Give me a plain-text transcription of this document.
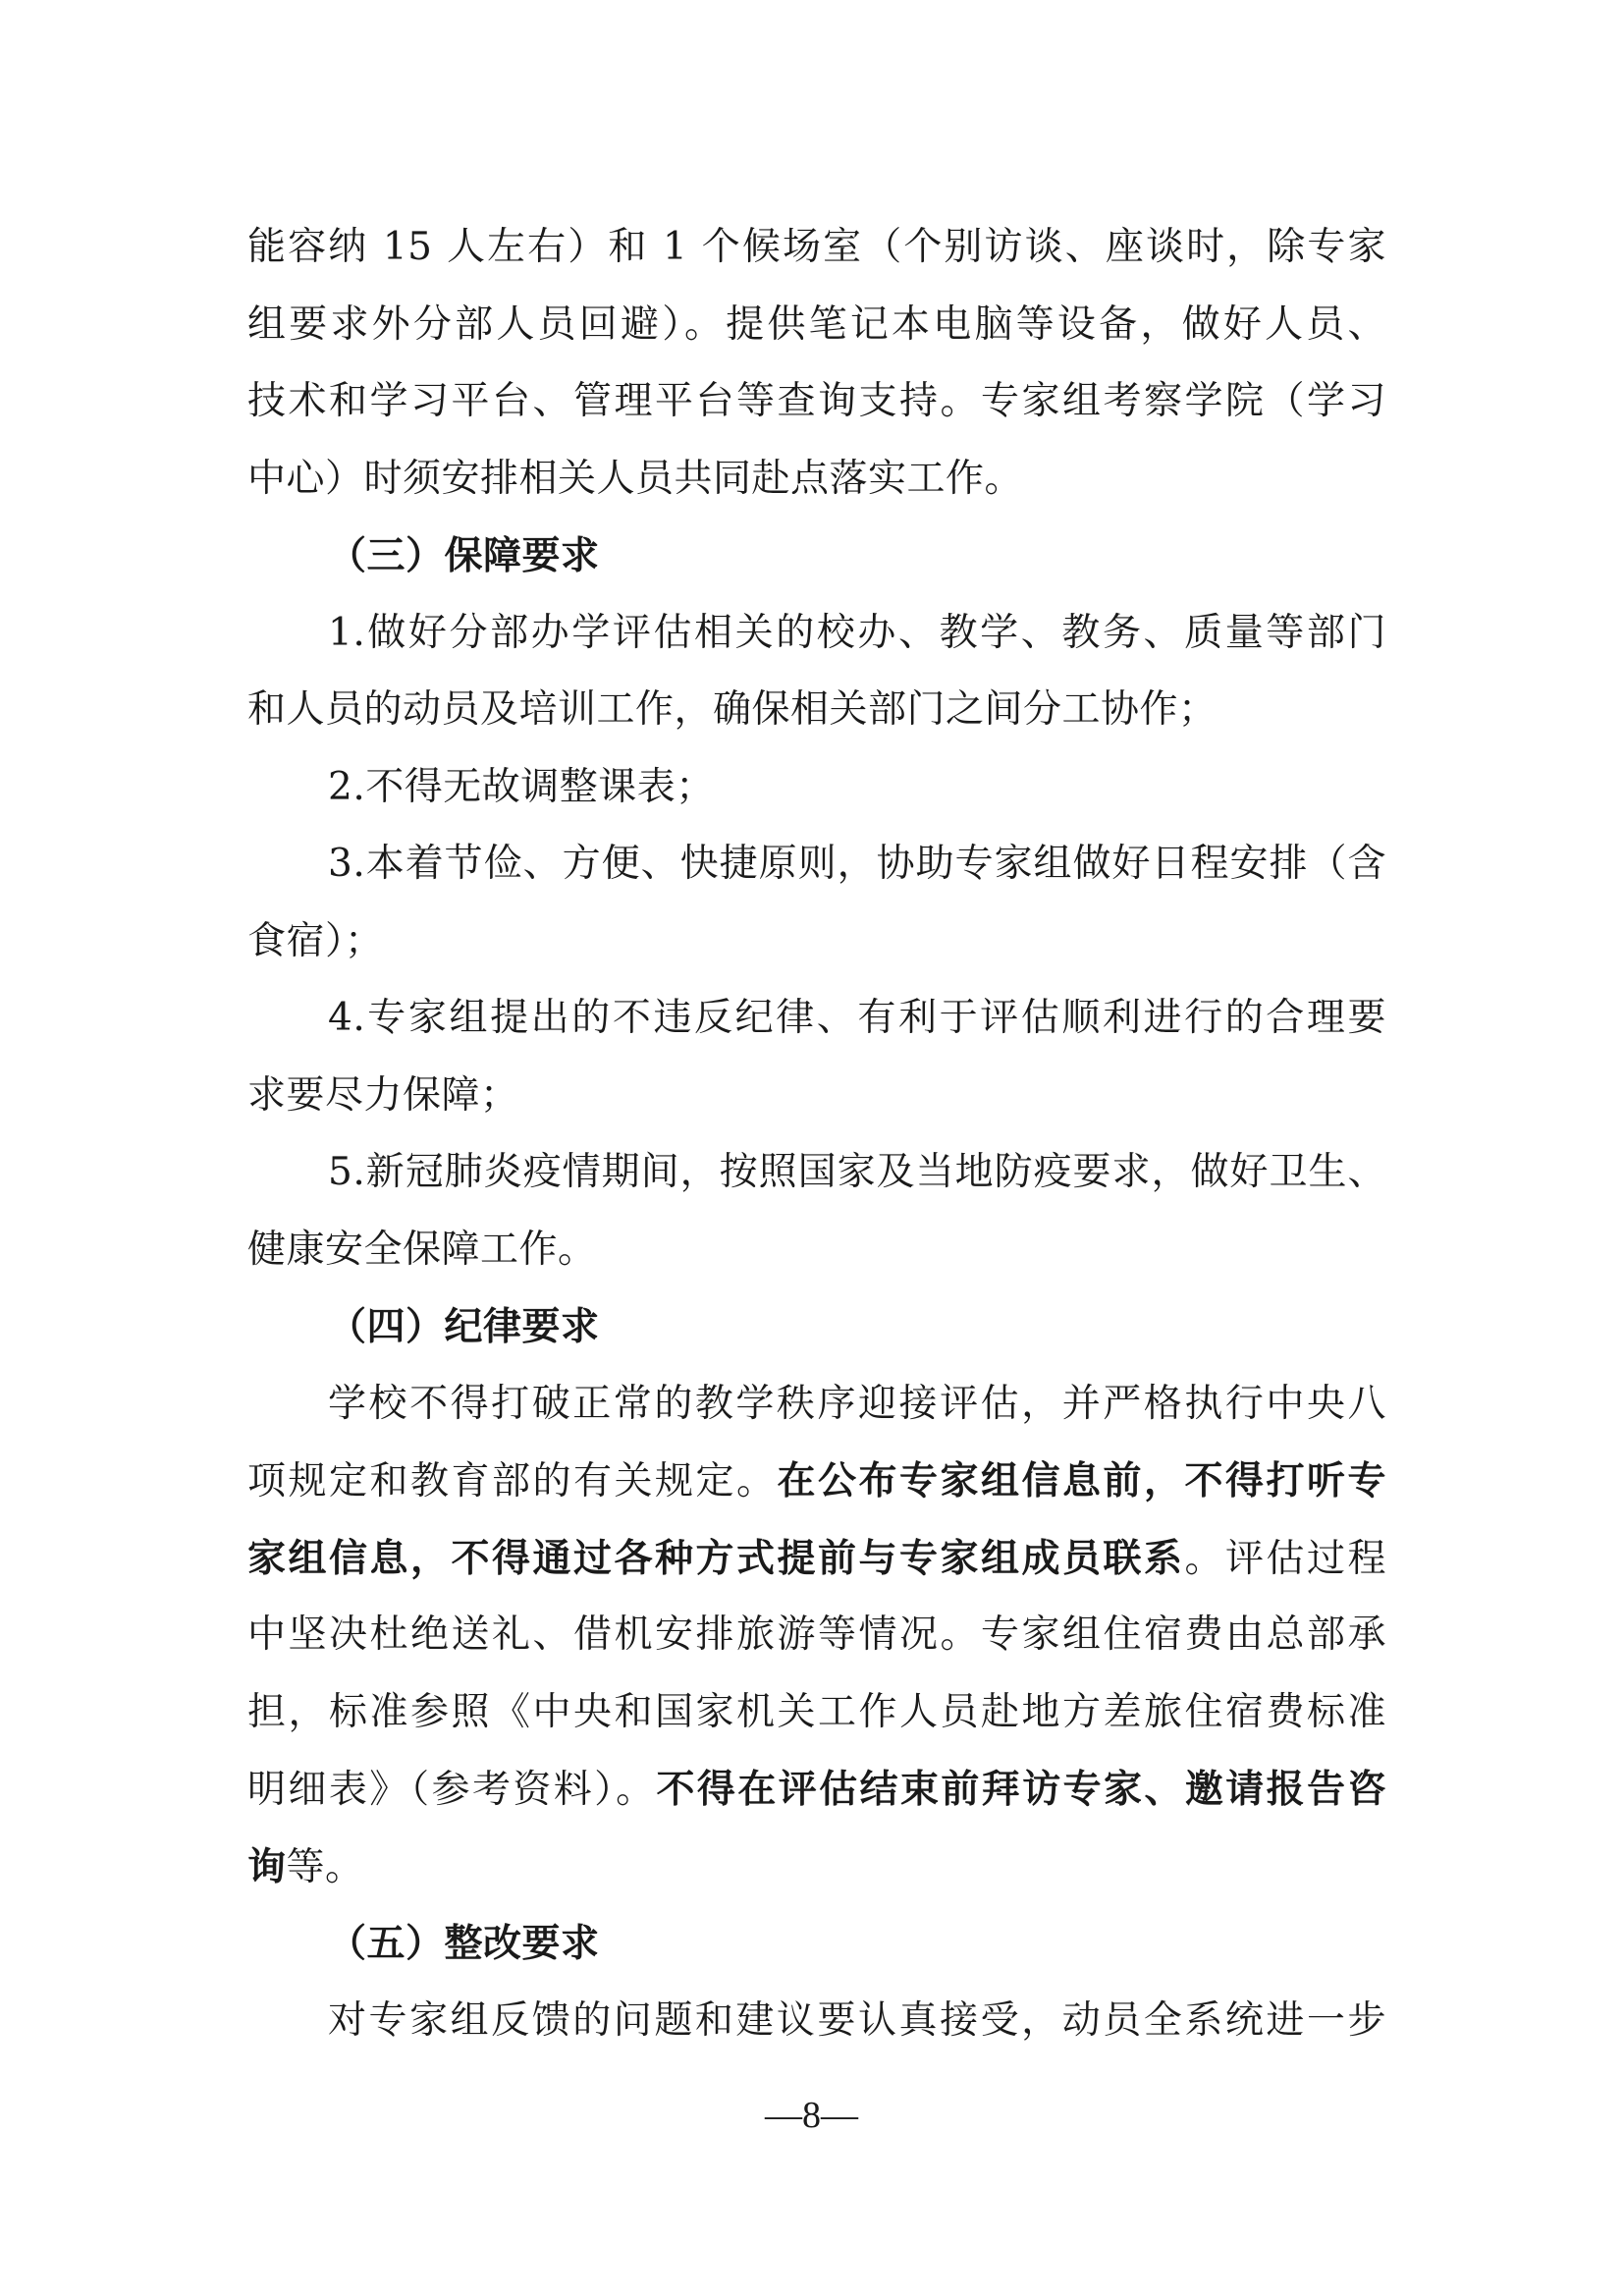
能容纳 15 人左右）和 1 个候场室（个别访谈、座谈时，除专家
组要求外分部人员回避）。提供笔记本电脑等设备，做好人员、
技术和学习平台、管理平台等查询支持。专家组考察学院（学习
中心）时须安排相关人员共同赴点落实工作。
（三）保障要求
1.做好分部办学评估相关的校办、教学、教务、质量等部门
和人员的动员及培训工作，确保相关部门之间分工协作；
2.不得无故调整课表；
3.本着节俭、方便、快捷原则，协助专家组做好日程安排（含
食宿）；
4.专家组提出的不违反纪律、有利于评估顺利进行的合理要
求要尽力保障；
5.新冠肺炎疫情期间，按照国家及当地防疫要求，做好卫生、
健康安全保障工作。
（四）纪律要求
学校不得打破正常的教学秩序迎接评估，并严格执行中央八
项规定和教育部的有关规定。在公布专家组信息前，不得打听专
家组信息，不得通过各种方式提前与专家组成员联系。评估过程
中坚决杜绝送礼、借机安排旅游等情况。专家组住宿费由总部承
担，标准参照《中央和国家机关工作人员赴地方差旅住宿费标准
明细表》（参考资料）。不得在评估结束前拜访专家、邀请报告咨
询等。
（五）整改要求
对专家组反馈的问题和建议要认真接受，动员全系统进一步
—8—
